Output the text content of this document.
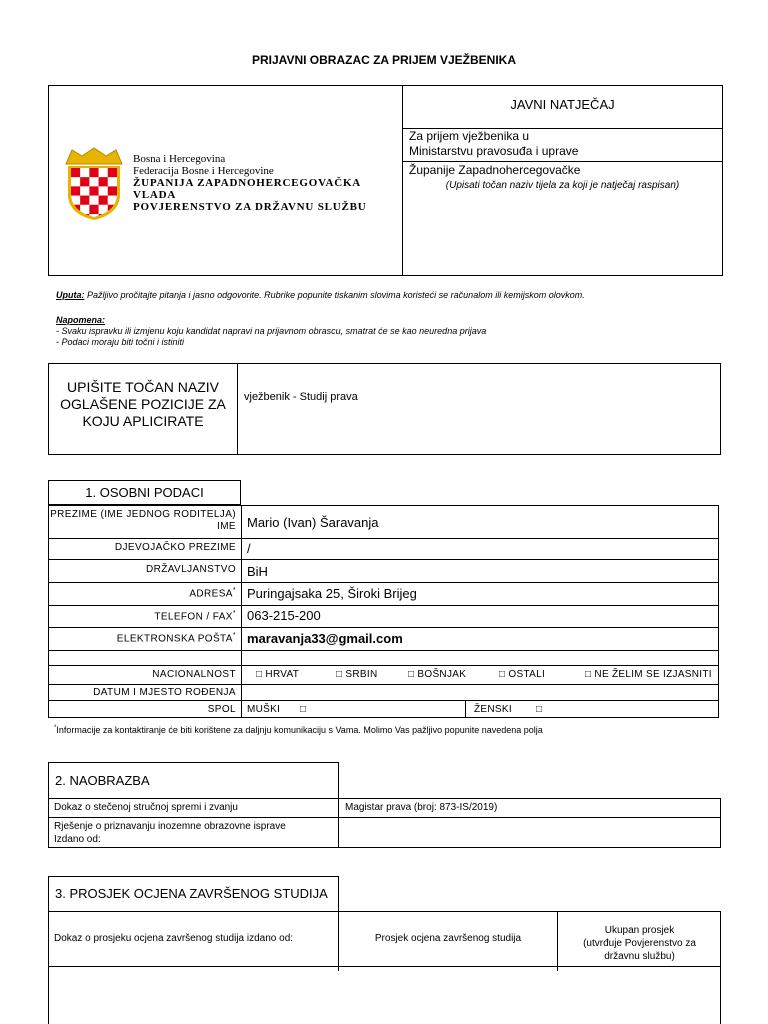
PRIJAVNI OBRAZAC ZA PRIJEM VJEŽBENIKA
Bosna i Hercegovina
Federacija Bosne i Hercegovine
ŽUPANIJA ZAPADNOHERCEGOVAČKA
VLADA
POVJERENSTVO ZA DRŽAVNU SLUŽBU
JAVNI NATJEČAJ
Za prijem vježbenika u
Ministarstvu pravosuđa i uprave
Županije Zapadnohercegovačke
(Upisati točan naziv tijela za koji je natječaj raspisan)
Uputa: Pažljivo pročitajte pitanja i jasno odgovorite. Rubrike popunite tiskanim slovima koristeći se računalom ili kemijskom olovkom.
Napomena:
- Svaku ispravku ili izmjenu koju kandidat napravi na prijavnom obrascu, smatrat će se kao neuredna prijava
- Podaci moraju biti točni i istiniti
UPIŠITE TOČAN NAZIV OGLAŠENE POZICIJE ZA KOJU APLICIRATE
vježbenik - Studij prava
1. OSOBNI PODACI
PREZIME (IME JEDNOG RODITELJA) IME Mario (Ivan) Šaravanja
DJEVOJAČKO PREZIME /
DRŽAVLJANSTVO BiH
ADRESA* Puringajsaka 25, Široki Brijeg
TELEFON / FAX* 063-215-200
ELEKTRONSKA POŠTA* maravanja33@gmail.com
NACIONALNOST □ HRVAT	□ SRBIN	□ BOŠNJAK	□ OSTALI	□ NE ŽELIM SE IZJASNITI
DATUM I MJESTO ROĐENJA
SPOL MUŠKI □	ŽENSKI □
*Informacije za kontaktiranje će biti korištene za daljnju komunikaciju s Vama. Molimo Vas pažljivo popunite navedena polja
2. NAOBRAZBA
Dokaz o stečenoj stručnoj spremi i zvanju	Magistar prava (broj: 873-IS/2019)
Rješenje o priznavanju inozemne obrazovne isprave
Izdano od:
3. PROSJEK OCJENA ZAVRŠENOG STUDIJA
Dokaz o prosjeku ocjena završenog studija izdano od:	Prosjek ocjena završenog studija
Ukupan prosjek
(utvrđuje Povjerenstvo za
državnu službu)
